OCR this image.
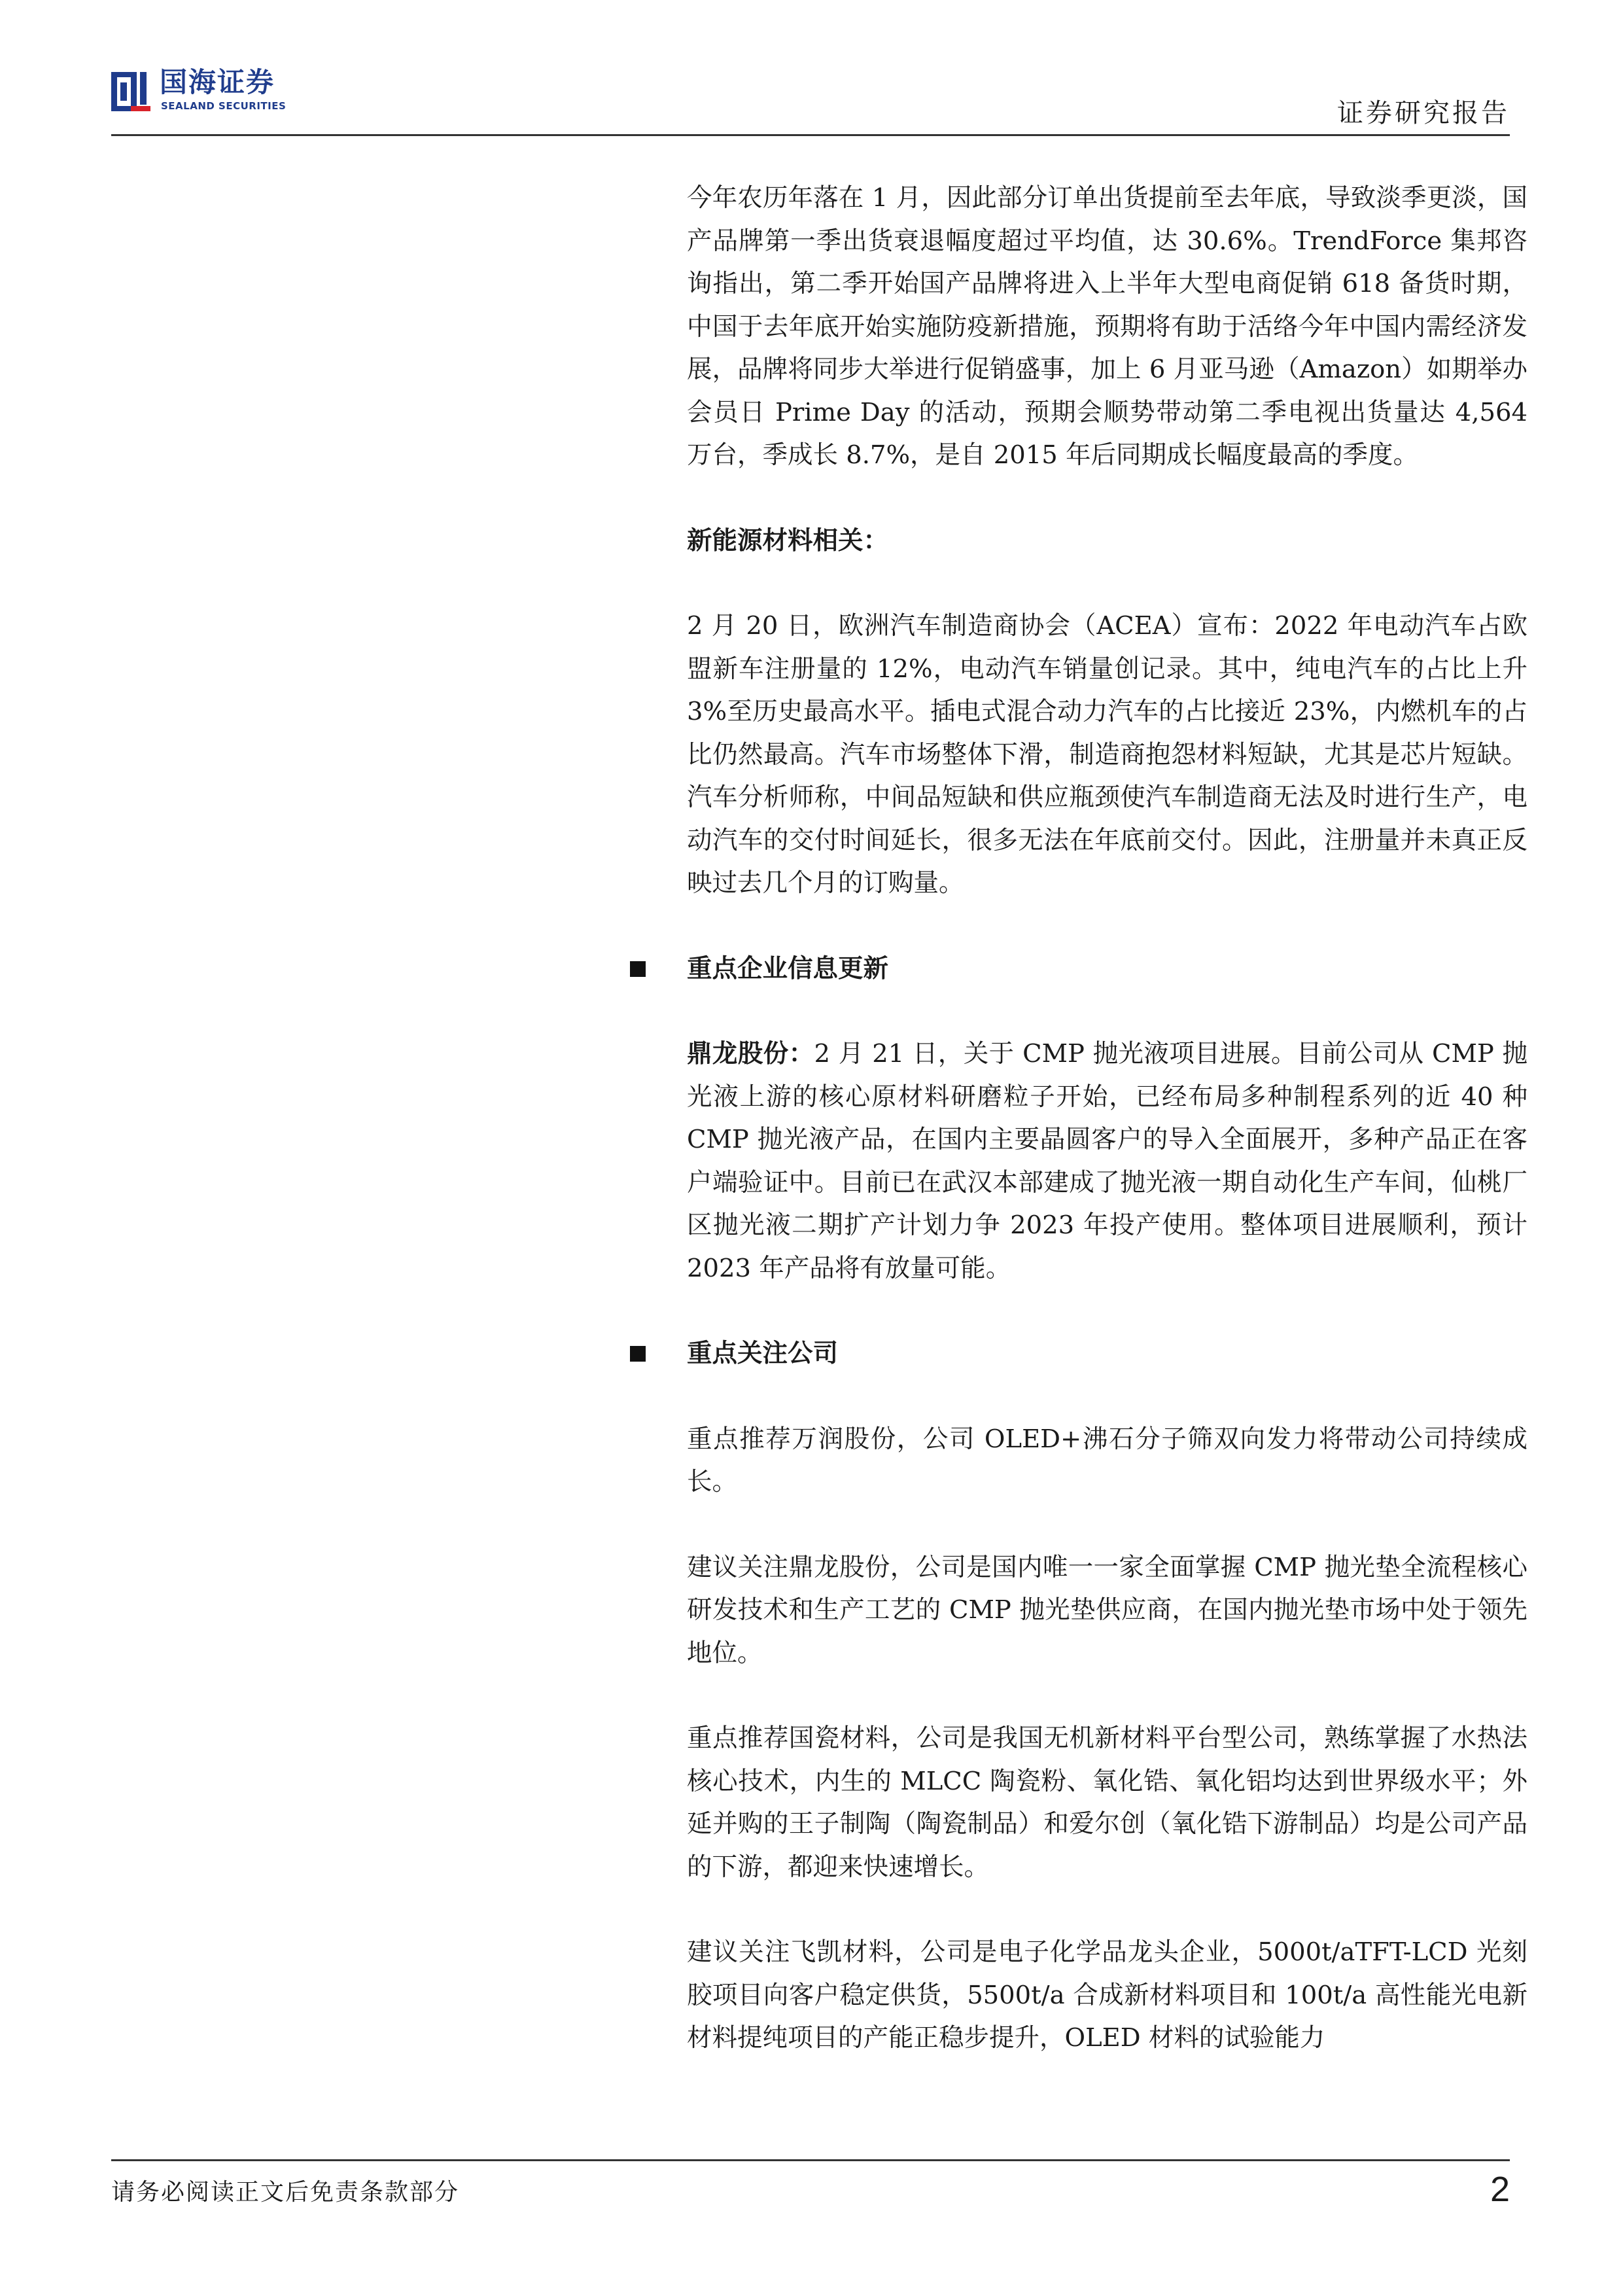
国海证券
SEALAND SECURITIES	证券研究报告

今年农历年落在 1 月，因此部分订单出货提前至去年底，导致淡季更淡，国产品牌第一季出货衰退幅度超过平均值，达 30.6%。TrendForce 集邦咨询指出，第二季开始国产品牌将进入上半年大型电商促销 618 备货时期，中国于去年底开始实施防疫新措施，预期将有助于活络今年中国内需经济发展，品牌将同步大举进行促销盛事，加上 6 月亚马逊（Amazon）如期举办会员日 Prime Day 的活动，预期会顺势带动第二季电视出货量达 4,564 万台，季成长 8.7%，是自 2015 年后同期成长幅度最高的季度。

新能源材料相关：

2 月 20 日，欧洲汽车制造商协会（ACEA）宣布：2022 年电动汽车占欧盟新车注册量的 12%，电动汽车销量创记录。其中，纯电汽车的占比上升 3%至历史最高水平。插电式混合动力汽车的占比接近 23%，内燃机车的占比仍然最高。汽车市场整体下滑，制造商抱怨材料短缺，尤其是芯片短缺。汽车分析师称，中间品短缺和供应瓶颈使汽车制造商无法及时进行生产，电动汽车的交付时间延长，很多无法在年底前交付。因此，注册量并未真正反映过去几个月的订购量。

重点企业信息更新

鼎龙股份：2 月 21 日，关于 CMP 抛光液项目进展。目前公司从 CMP 抛光液上游的核心原材料研磨粒子开始，已经布局多种制程系列的近 40 种 CMP 抛光液产品，在国内主要晶圆客户的导入全面展开，多种产品正在客户端验证中。目前已在武汉本部建成了抛光液一期自动化生产车间，仙桃厂区抛光液二期扩产计划力争 2023 年投产使用。整体项目进展顺利，预计 2023 年产品将有放量可能。

重点关注公司

重点推荐万润股份，公司 OLED+沸石分子筛双向发力将带动公司持续成长。

建议关注鼎龙股份，公司是国内唯一一家全面掌握 CMP 抛光垫全流程核心研发技术和生产工艺的 CMP 抛光垫供应商，在国内抛光垫市场中处于领先地位。

重点推荐国瓷材料，公司是我国无机新材料平台型公司，熟练掌握了水热法核心技术，内生的 MLCC 陶瓷粉、氧化锆、氧化铝均达到世界级水平；外延并购的王子制陶（陶瓷制品）和爱尔创（氧化锆下游制品）均是公司产品的下游，都迎来快速增长。

建议关注飞凯材料，公司是电子化学品龙头企业，5000t/aTFT-LCD 光刻胶项目向客户稳定供货，5500t/a 合成新材料项目和 100t/a 高性能光电新材料提纯项目的产能正稳步提升，OLED 材料的试验能力

请务必阅读正文后免责条款部分	2
